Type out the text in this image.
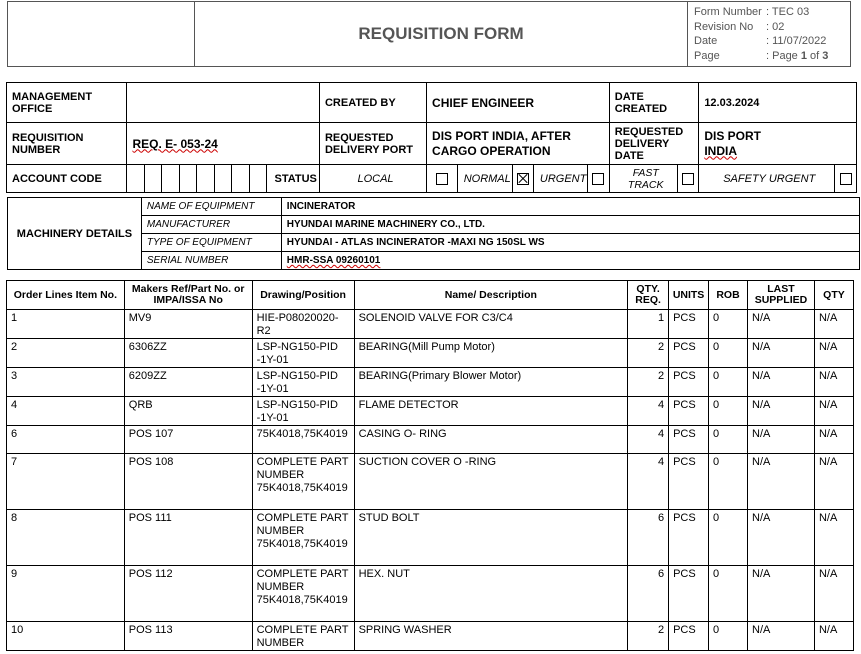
REQUISITION FORM
Form Number : TEC 03
Revision No	: 02
Date	: 11/07/2022
Page	: Page 1 of 3
MANAGEMENT OFFICE										CREATED BY	CHIEF ENGINEER					DATE CREATED		12.03.2024	
REQUISITION NUMBER	REQ. E- 053-24									REQUESTED DELIVERY PORT	DIS PORT INDIA, AFTER CARGO OPERATION					REQUESTED DELIVERY DATE		DIS PORT
INDIA	
ACCOUNT CODE									STATUS	LOCAL		NORMAL		URGENT		FAST TRACK		SAFETY URGENT	
MACHINERY DETAILS	NAME OF EQUIPMENT	INCINERATOR
	MANUFACTURER	HYUNDAI MARINE MACHINERY CO., LTD.
	TYPE OF EQUIPMENT	HYUNDAI - ATLAS INCINERATOR -MAXI NG 150SL WS
	SERIAL NUMBER	HMR-SSA 09260101
Order Lines Item No.	Makers Ref/Part No. or IMPA/ISSA No	Drawing/Position	Name/ Description	QTY. REQ.	UNITS	ROB	LAST SUPPLIED	QTY
1	MV9	HIE-P08020020-R2	SOLENOID VALVE FOR C3/C4	1	PCS	0	N/A	N/A
2	6306ZZ	LSP-NG150-PID -1Y-01	BEARING(Mill Pump Motor)	2	PCS	0	N/A	N/A
3	6209ZZ	LSP-NG150-PID -1Y-01	BEARING(Primary Blower Motor)	2	PCS	0	N/A	N/A
4	QRB	LSP-NG150-PID -1Y-01	FLAME DETECTOR	4	PCS	0	N/A	N/A
6	POS 107	75K4018,75K4019	CASING O- RING	4	PCS	0	N/A	N/A
7	POS 108	COMPLETE PART NUMBER 75K4018,75K4019	SUCTION COVER O -RING	4	PCS	0	N/A	N/A
8	POS 111	COMPLETE PART NUMBER 75K4018,75K4019	STUD BOLT	6	PCS	0	N/A	N/A
9	POS 112	COMPLETE PART NUMBER 75K4018,75K4019	HEX. NUT	6	PCS	0	N/A	N/A
10	POS 113	COMPLETE PART NUMBER	SPRING WASHER	2	PCS	0	N/A	N/A
